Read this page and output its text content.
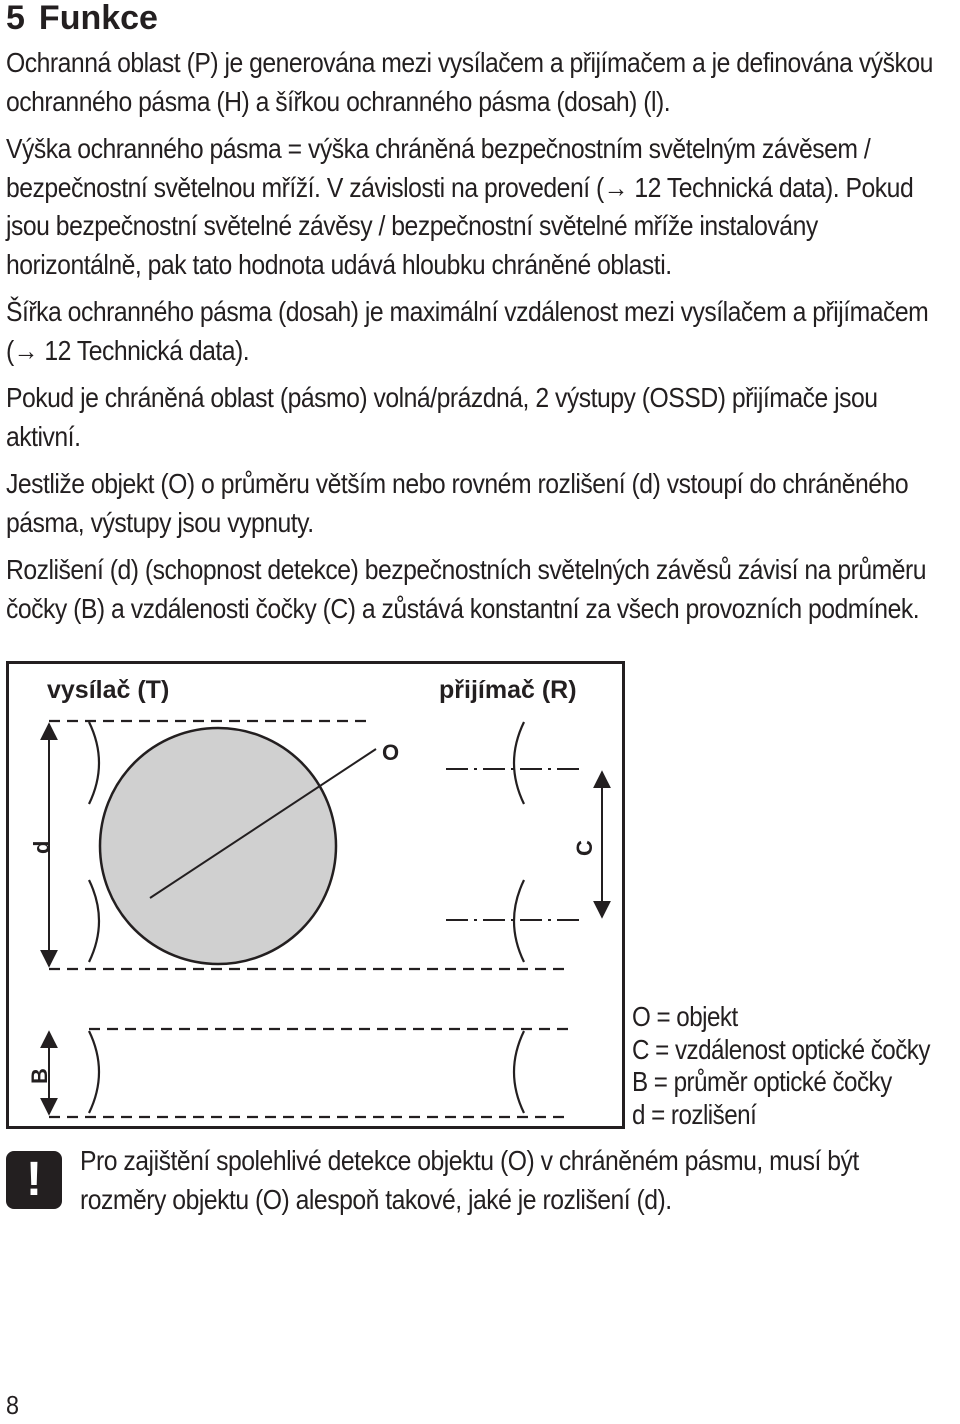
5 Funkce

Ochranná oblast (P) je generována mezi vysílačem a přijímačem a je definována výškou ochranného pásma (H) a šířkou ochranného pásma (dosah) (l).

Výška ochranného pásma = výška chráněná bezpečnostním světelným závěsem / bezpečnostní světelnou mříží. V závislosti na provedení (→ 12 Technická data). Pokud jsou bezpečnostní světelné závěsy / bezpečnostní světelné mříže instalovány horizontálně, pak tato hodnota udává hloubku chráněné oblasti.

Šířka ochranného pásma (dosah) je maximální vzdálenost mezi vysílačem a přijímačem (→ 12 Technická data).

Pokud je chráněná oblast (pásmo) volná/prázdná, 2 výstupy (OSSD) přijímače jsou aktivní.

Jestliže objekt (O) o průměru větším nebo rovném rozlišení (d) vstoupí do chráněného pásma, výstupy jsou vypnuty.

Rozlišení (d) (schopnost detekce) bezpečnostních světelných závěsů závisí na průměru čočky (B) a vzdálenosti čočky (C) a zůstává konstantní za všech provozních podmínek.

vysílač (T)	přijímač (R)
O
d	C
B
O = objekt
C = vzdálenost optické čočky
B = průměr optické čočky
d = rozlišení
!	Pro zajištění spolehlivé detekce objektu (O) v chráněném pásmu, musí být rozměry objektu (O) alespoň takové, jaké je rozlišení (d).

8
